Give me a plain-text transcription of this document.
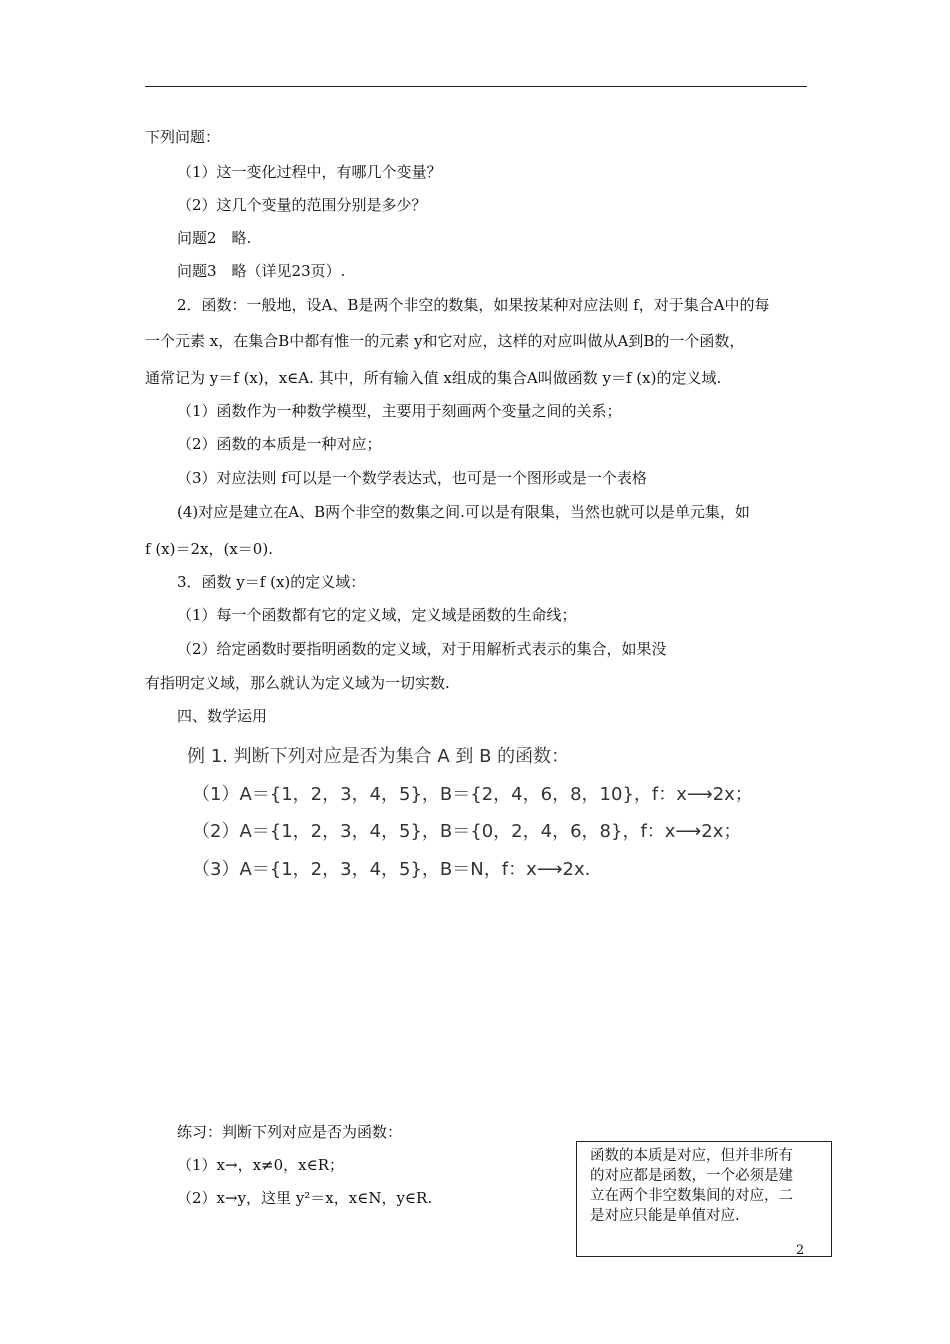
下列问题：
（1）这一变化过程中，有哪几个变量？
（2）这几个变量的范围分别是多少？
问题2　略.
问题3　略（详见23页）.
2．函数：一般地，设A、B是两个非空的数集，如果按某种对应法则 f，对于集合A中的每
一个元素 x，在集合B中都有惟一的元素 y和它对应，这样的对应叫做从A到B的一个函数，
通常记为 y＝f (x)，x∈A. 其中，所有输入值 x组成的集合A叫做函数 y＝f (x)的定义域.
（1）函数作为一种数学模型，主要用于刻画两个变量之间的关系；
（2）函数的本质是一种对应；
（3）对应法则 f可以是一个数学表达式，也可是一个图形或是一个表格
(4)对应是建立在A、B两个非空的数集之间.可以是有限集，当然也就可以是单元集，如
f (x)＝2x，(x＝0).
3．函数 y＝f (x)的定义域：
（1）每一个函数都有它的定义域，定义域是函数的生命线；
（2）给定函数时要指明函数的定义域，对于用解析式表示的集合，如果没
有指明定义域，那么就认为定义域为一切实数.
四、数学运用
例 1. 判断下列对应是否为集合 A 到 B 的函数：
（1）A＝{1，2，3，4，5}，B＝{2，4，6，8，10}，f：x⟶2x；
（2）A＝{1，2，3，4，5}，B＝{0，2，4，6，8}，f：x⟶2x；
（3）A＝{1，2，3，4，5}，B＝N，f：x⟶2x.
练习：判断下列对应是否为函数：
（1）x→，x≠0，x∈R；
（2）x→y，这里 y²＝x，x∈N，y∈R.
函数的本质是对应，但并非所有
的对应都是函数，一个必须是建
立在两个非空数集间的对应，二
是对应只能是单值对应.
2
